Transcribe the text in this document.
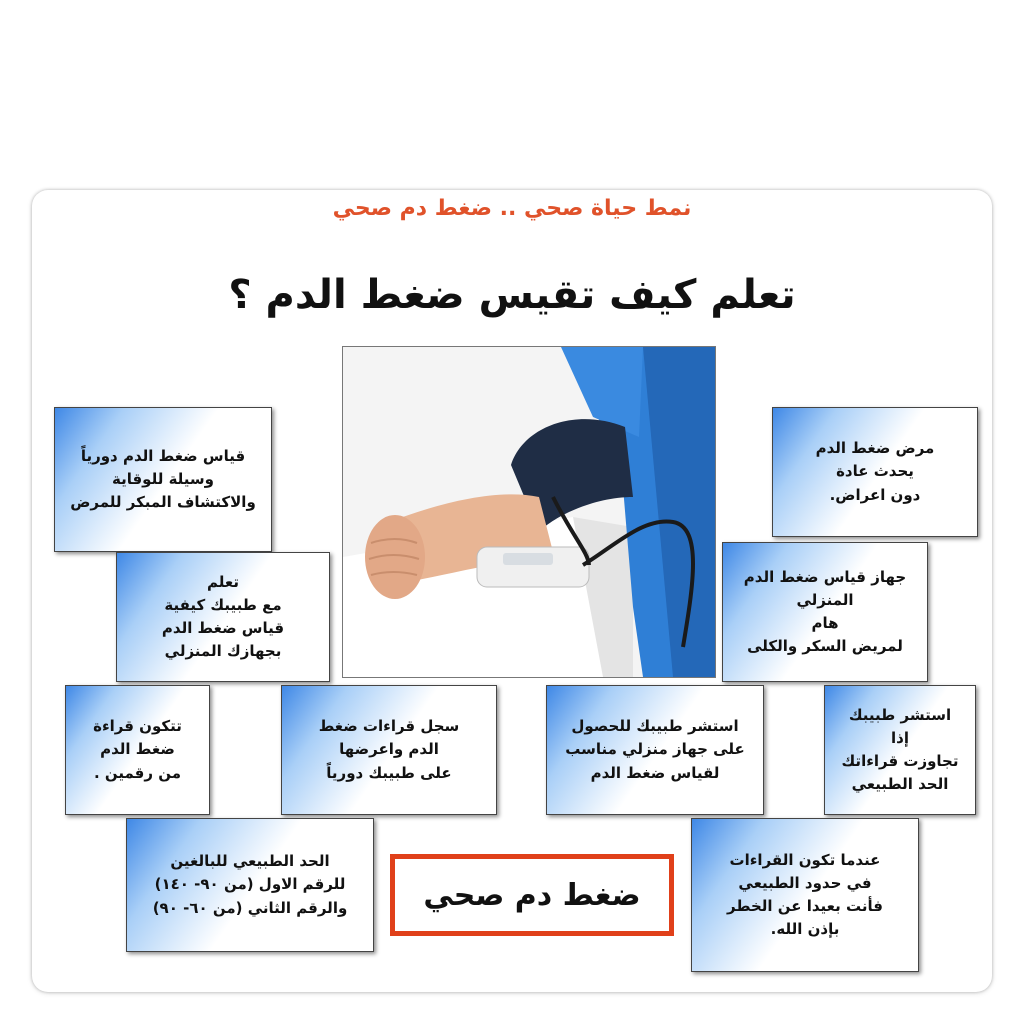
نمط حياة صحي .. ضغط دم صحي
تعلم كيف تقيس ضغط الدم ؟
مرض ضغط الدم
يحدث عادة
دون اعراض.
قياس ضغط الدم دورياً
وسيلة للوقاية
والاكتشاف المبكر للمرض
جهاز قياس ضغط الدم
المنزلي
هام
لمريض السكر والكلى
تعلم
مع طبيبك كيفية
قياس ضغط الدم
بجهازك المنزلي
تتكون قراءة
ضغط الدم
من رقمين .
سجل قراءات ضغط
الدم واعرضها
على طبيبك دورياً
استشر طبيبك للحصول
على جهاز منزلي مناسب
لقياس ضغط الدم
استشر طبيبك
إذا
تجاوزت قراءاتك
الحد الطبيعي
الحد الطبيعي للبالغين
للرقم الاول (من ٩٠- ١٤٠)
والرقم الثاني (من ٦٠- ٩٠)
عندما تكون القراءات
في حدود الطبيعي
فأنت بعيدا عن الخطر
بإذن الله.
ضغط دم صحي
